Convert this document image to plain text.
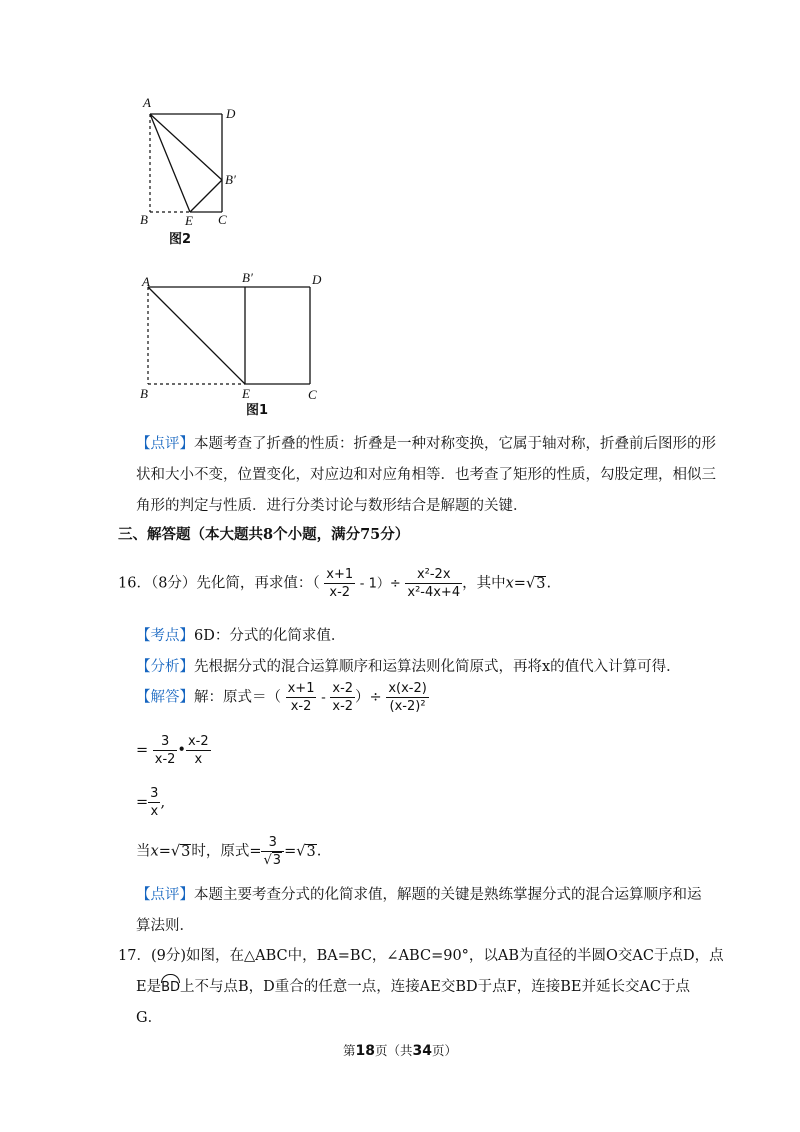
A
D
B′
B	E C
图2
A	B′	D
B	E	C
图1
【点评】本题考查了折叠的性质：折叠是一种对称变换，它属于轴对称，折叠前后图形的形
状和大小不变，位置变化，对应边和对应角相等．也考查了矩形的性质，勾股定理，相似三
角形的判定与性质．进行分类讨论与数形结合是解题的关键．
三、解答题（本大题共8个小题，满分75分）
16．（8分）先化简，再求值：（ $\frac{x+1}{x-2} - 1)\div \frac{\text{x²-2x}}{\text{x²-4x+4}}$ ，其中x=√3.
【考点】6D：分式的化简求值．
【分析】先根据分式的混合运算顺序和运算法则化简原式，再将x的值代入计算可得．
【解答】解：原式＝（ $\frac{x+1}{x-2} - \frac{x-2}{x-2}$ ）÷ $\frac{x(x-2)}{\text{(x-2)²}}$
= $\frac{3}{x-2}$ • $\frac{x-2}{x}$
= $\frac{3}{x}$ ,
当x=√3时，原式= $\frac{3}{√3} =√3$.
【点评】本题主要考查分式的化简求值，解题的关键是熟练掌握分式的混合运算顺序和运
算法则．
17．(9分)如图，在△ABC中，BA=BC，∠ABC=90°，以AB为直径的半圆O交AC于点D，点
E是
BD上不与点B，D重合的任意一点，连接AE交BD于点F，连接BE并延长交AC于点
G．
第18页（共34页）
